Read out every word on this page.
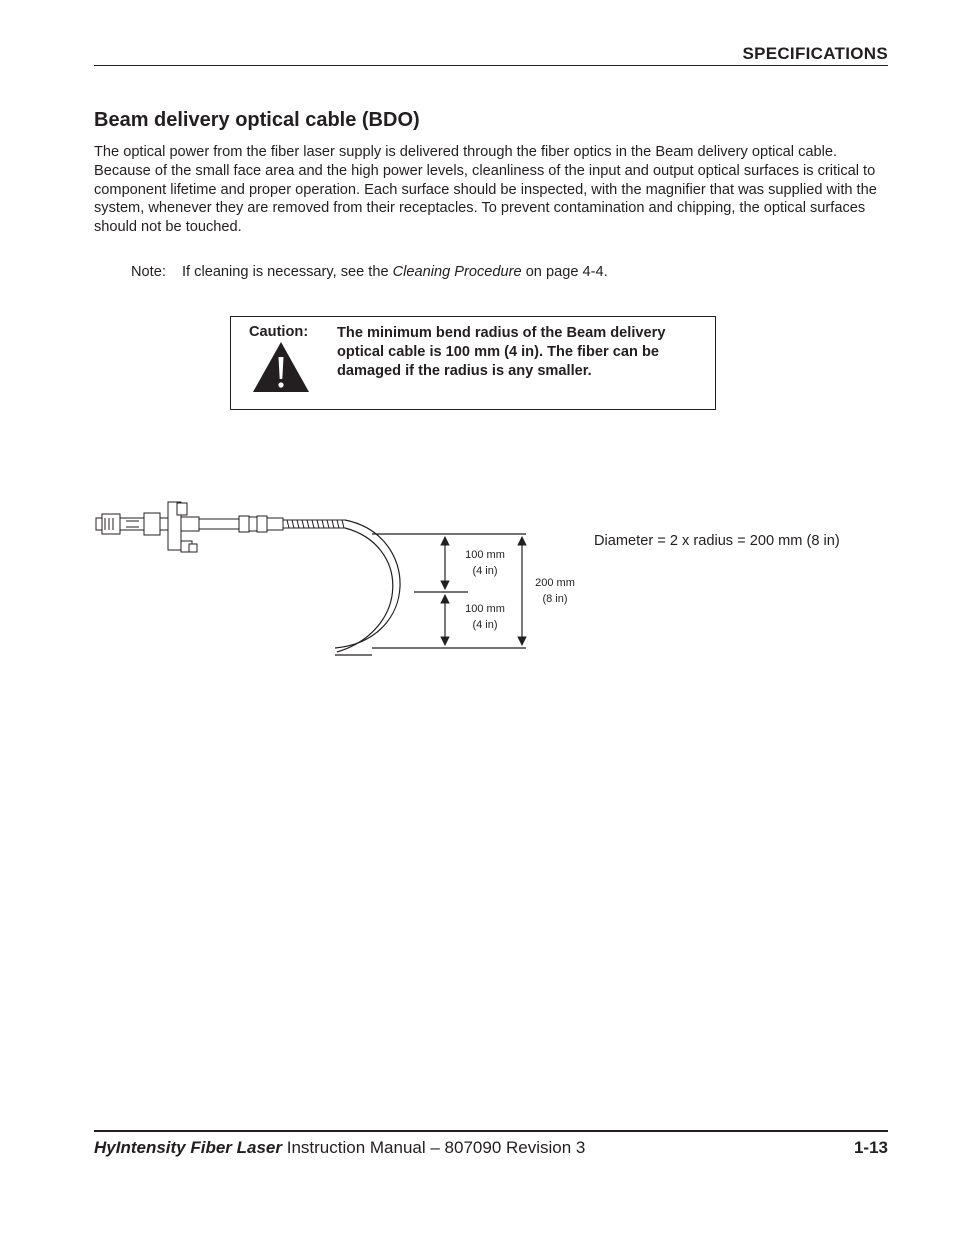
SPECIFICATIONS
Beam delivery optical cable (BDO)

The optical power from the fiber laser supply is delivered through the fiber optics in the Beam delivery optical cable. Because of the small face area and the high power levels, cleanliness of the input and output optical surfaces is critical to component lifetime and proper operation. Each surface should be inspected, with the magnifier that was supplied with the system, whenever they are removed from their receptacles. To prevent contamination and chipping, the optical surfaces should not be touched.

Note: If cleaning is necessary, see the Cleaning Procedure on page 4-4.
Caution: The minimum bend radius of the Beam delivery optical cable is 100 mm (4 in). The fiber can be damaged if the radius is any smaller.
100 mm
(4 in)
100 mm
(4 in)
200 mm
(8 in)
Diameter = 2 x radius = 200 mm (8 in)
HyIntensity Fiber Laser Instruction Manual – 807090 Revision 3	1-13
